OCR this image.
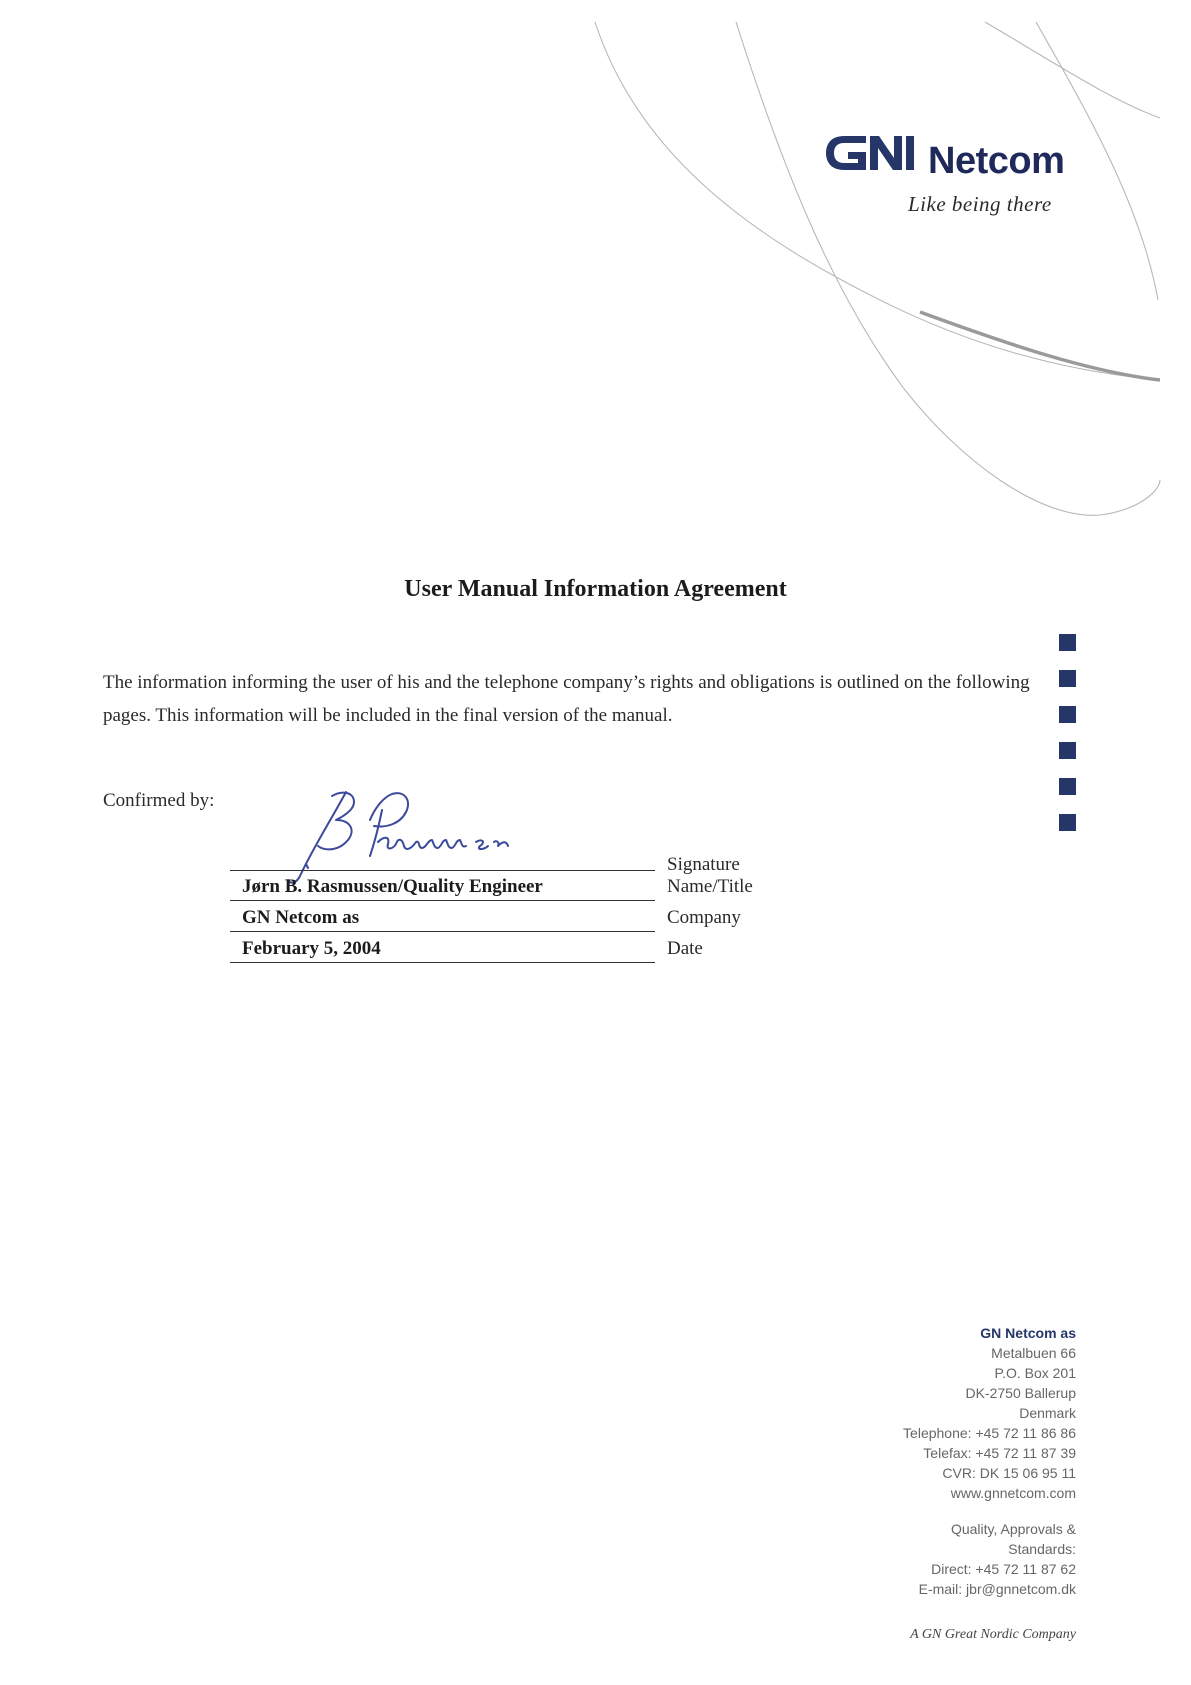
Netcom
Like being there
User Manual Information Agreement
The information informing the user of his and the telephone company’s rights and obligations is outlined on the following pages. This information will be included in the final version of the manual.
Confirmed by:
Signature
Jørn B. Rasmussen/Quality Engineer	Name/Title
GN Netcom as	Company
February 5, 2004	Date
GN Netcom as
Metalbuen 66
P.O. Box 201
DK-2750 Ballerup
Denmark
Telephone: +45 72 11 86 86
Telefax: +45 72 11 87 39
CVR: DK 15 06 95 11
www.gnnetcom.com
Quality, Approvals &
Standards:
Direct: +45 72 11 87 62
E-mail: jbr@gnnetcom.dk
A GN Great Nordic Company
